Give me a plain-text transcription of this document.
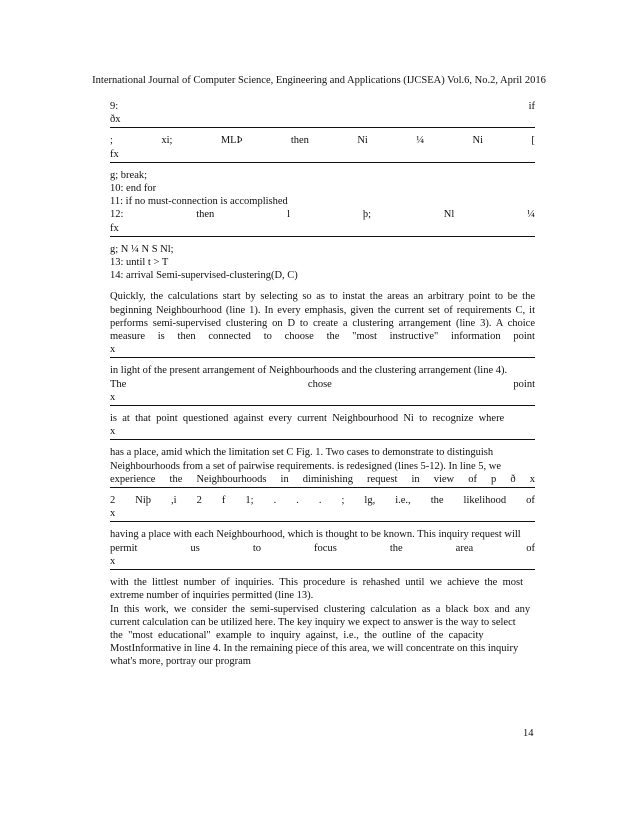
International Journal of Computer Science, Engineering and Applications (IJCSEA) Vol.6, No.2, April 2016
9:	if
ðx
;	xi;	MLÞ	then	Ni	¼	Ni	[
fx
g; break;
10: end for
11: if no must-connection is accomplished
12:	then	l	þ;	Nl	¼
fx
g; N ¼ N S Nl;
13: until t > T
14: arrival Semi-supervised-clustering(D, C)
Quickly, the calculations start by selecting so as to instat the areas an arbitrary point to be the
beginning Neighbourhood (line 1). In every emphasis, given the current set of requirements C, it
performs semi-supervised clustering on D to create a clustering arrangement (line 3). A choice
measure is then connected to choose the "most instructive" information point
x
in light of the present arrangement of Neighbourhoods and the clustering arrangement (line 4).
The	chose	point
x
is  at  that  point  questioned  against  every  current  Neighbourhood  Ni  to  recognize  where
x
has a place, amid which the limitation set C Fig. 1. Two cases to demonstrate to distinguish
Neighbourhoods from a set of pairwise requirements. is redesigned (lines 5-12). In line 5, we
experience the Neighbourhoods in diminishing request in view of p ð x
2 Niþ ,i 2 f 1; . . . ; lg, i.e., the likelihood of
x
having a place with each Neighbourhood, which is thought to be known. This inquiry request will
permit	us	to	focus	the	area	of
x
with  the  littlest  number  of  inquiries.  This  procedure  is  rehashed  until  we  achieve  the  most
extreme number of inquiries permitted (line 13).
In  this  work,  we  consider  the  semi-supervised  clustering  calculation  as  a  black  box  and  any
current calculation can be utilized here. The key inquiry we expect to answer is the way to select
the  "most  educational"  example  to  inquiry  against,  i.e.,  the  outline  of  the  capacity
MostInformative in line 4. In the remaining piece of this area, we will concentrate on this inquiry
what's more, portray our program
14
